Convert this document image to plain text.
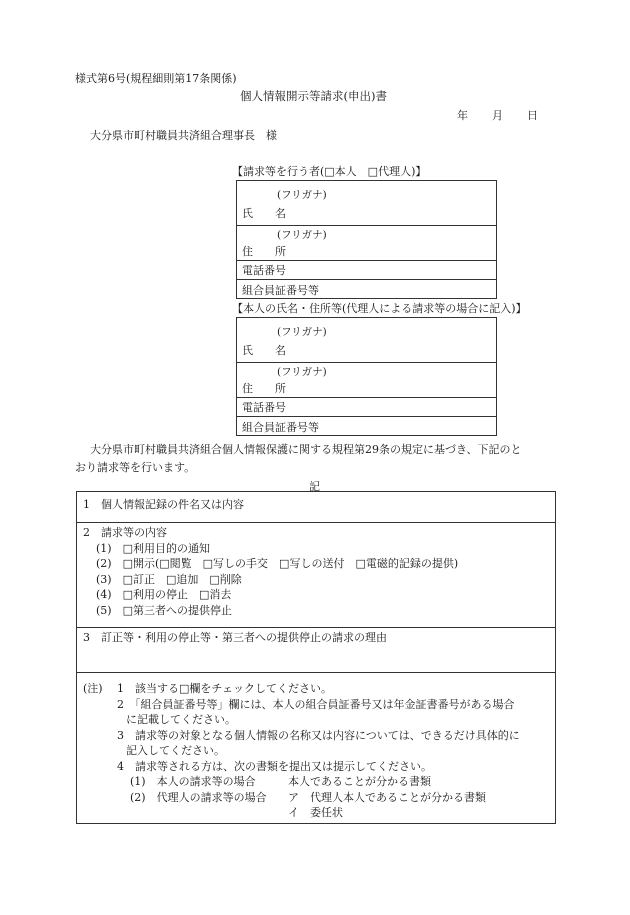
様式第6号(規程細則第17条関係)
個人情報開示等請求(申出)書
年 月 日
大分県市町村職員共済組合理事長　様
【請求等を行う者(□本人　□代理人)】
(フリガナ)
氏　　名
(フリガナ)
住　　所
電話番号
組合員証番号等
【本人の氏名・住所等(代理人による請求等の場合に記入)】
(フリガナ)
氏　　名
(フリガナ)
住　　所
電話番号
組合員証番号等
大分県市町村職員共済組合個人情報保護に関する規程第29条の規定に基づき、下記のと
おり請求等を行います。
記
1　個人情報記録の件名又は内容
2　請求等の内容
(1)　□利用目的の通知
(2)　□開示(□閲覧　□写しの手交　□写しの送付　□電磁的記録の提供)
(3)　□訂正　□追加　□削除
(4)　□利用の停止　□消去
(5)　□第三者への提供停止
3　訂正等・利用の停止等・第三者への提供停止の請求の理由
(注) 1　該当する□欄をチェックしてください。
2　「組合員証番号等」欄には、本人の組合員証番号又は年金証書番号がある場合
に記載してください。
3　請求等の対象となる個人情報の名称又は内容については、できるだけ具体的に
記入してください。
4　請求等される方は、次の書類を提出又は提示してください。
(1)　本人の請求等の場合	本人であることが分かる書類
(2)　代理人の請求等の場合 ア　代理人本人であることが分かる書類
イ　委任状
